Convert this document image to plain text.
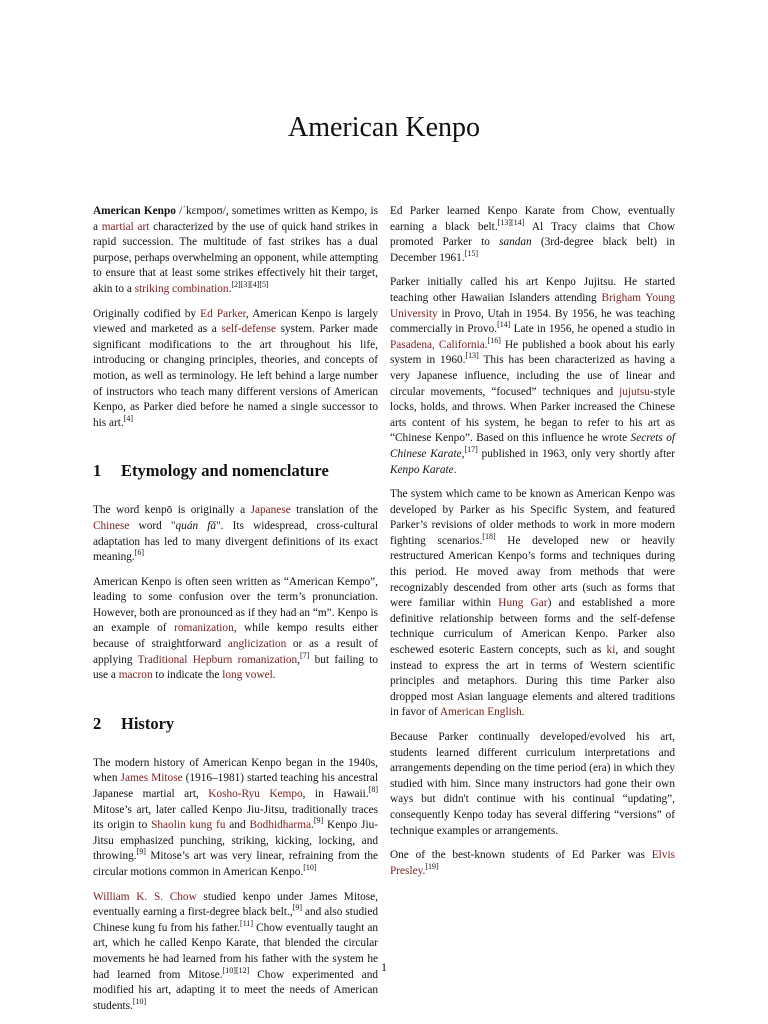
American Kenpo

American Kenpo /ˈkɛmpoʊ/, sometimes written as Kempo, is a martial art characterized by the use of quick hand strikes in rapid succession. The multitude of fast strikes has a dual purpose, perhaps overwhelming an opponent, while attempting to ensure that at least some strikes effectively hit their target, akin to a striking combination.[2][3][4][5]

Originally codified by Ed Parker, American Kenpo is largely viewed and marketed as a self-defense system. Parker made significant modifications to the art throughout his life, introducing or changing principles, theories, and concepts of motion, as well as terminology. He left behind a large number of instructors who teach many different versions of American Kenpo, as Parker died before he named a single successor to his art.[4]

1 Etymology and nomenclature

The word kenpō is originally a Japanese translation of the Chinese word "quán fǎ". Its widespread, cross-cultural adaptation has led to many divergent definitions of its exact meaning.[6]

American Kenpo is often seen written as “American Kempo”, leading to some confusion over the term’s pronunciation. However, both are pronounced as if they had an “m”. Kenpo is an example of romanization, while kempo results either because of straightforward anglicization or as a result of applying Traditional Hepburn romanization,[7] but failing to use a macron to indicate the long vowel.

2 History

The modern history of American Kenpo began in the 1940s, when James Mitose (1916–1981) started teaching his ancestral Japanese martial art, Kosho-Ryu Kempo, in Hawaii.[8] Mitose’s art, later called Kenpo Jiu-Jitsu, traditionally traces its origin to Shaolin kung fu and Bodhidharma.[9] Kenpo Jiu-Jitsu emphasized punching, striking, kicking, locking, and throwing.[9] Mitose’s art was very linear, refraining from the circular motions common in American Kenpo.[10]

William K. S. Chow studied kenpo under James Mitose, eventually earning a first-degree black belt.,[9] and also studied Chinese kung fu from his father.[11] Chow eventually taught an art, which he called Kenpo Karate, that blended the circular movements he had learned from his father with the system he had learned from Mitose.[10][12] Chow experimented and modified his art, adapting it to meet the needs of American students.[10]

Ed Parker learned Kenpo Karate from Chow, eventually earning a black belt.[13][14] Al Tracy claims that Chow promoted Parker to sandan (3rd-degree black belt) in December 1961.[15]

Parker initially called his art Kenpo Jujitsu. He started teaching other Hawaiian Islanders attending Brigham Young University in Provo, Utah in 1954. By 1956, he was teaching commercially in Provo.[14] Late in 1956, he opened a studio in Pasadena, California.[16] He published a book about his early system in 1960.[13] This has been characterized as having a very Japanese influence, including the use of linear and circular movements, “focused” techniques and jujutsu-style locks, holds, and throws. When Parker increased the Chinese arts content of his system, he began to refer to his art as “Chinese Kenpo”. Based on this influence he wrote Secrets of Chinese Karate,[17] published in 1963, only very shortly after Kenpo Karate.

The system which came to be known as American Kenpo was developed by Parker as his Specific System, and featured Parker’s revisions of older methods to work in more modern fighting scenarios.[18] He developed new or heavily restructured American Kenpo’s forms and techniques during this period. He moved away from methods that were recognizably descended from other arts (such as forms that were familiar within Hung Gar) and established a more definitive relationship between forms and the self-defense technique curriculum of American Kenpo. Parker also eschewed esoteric Eastern concepts, such as ki, and sought instead to express the art in terms of Western scientific principles and metaphors. During this time Parker also dropped most Asian language elements and altered traditions in favor of American English.

Because Parker continually developed/evolved his art, students learned different curriculum interpretations and arrangements depending on the time period (era) in which they studied with him. Since many instructors had gone their own ways but didn't continue with his continual “updating”, consequently Kenpo today has several differing “versions” of technique examples or arrangements.

One of the best-known students of Ed Parker was Elvis Presley.[19]

1
